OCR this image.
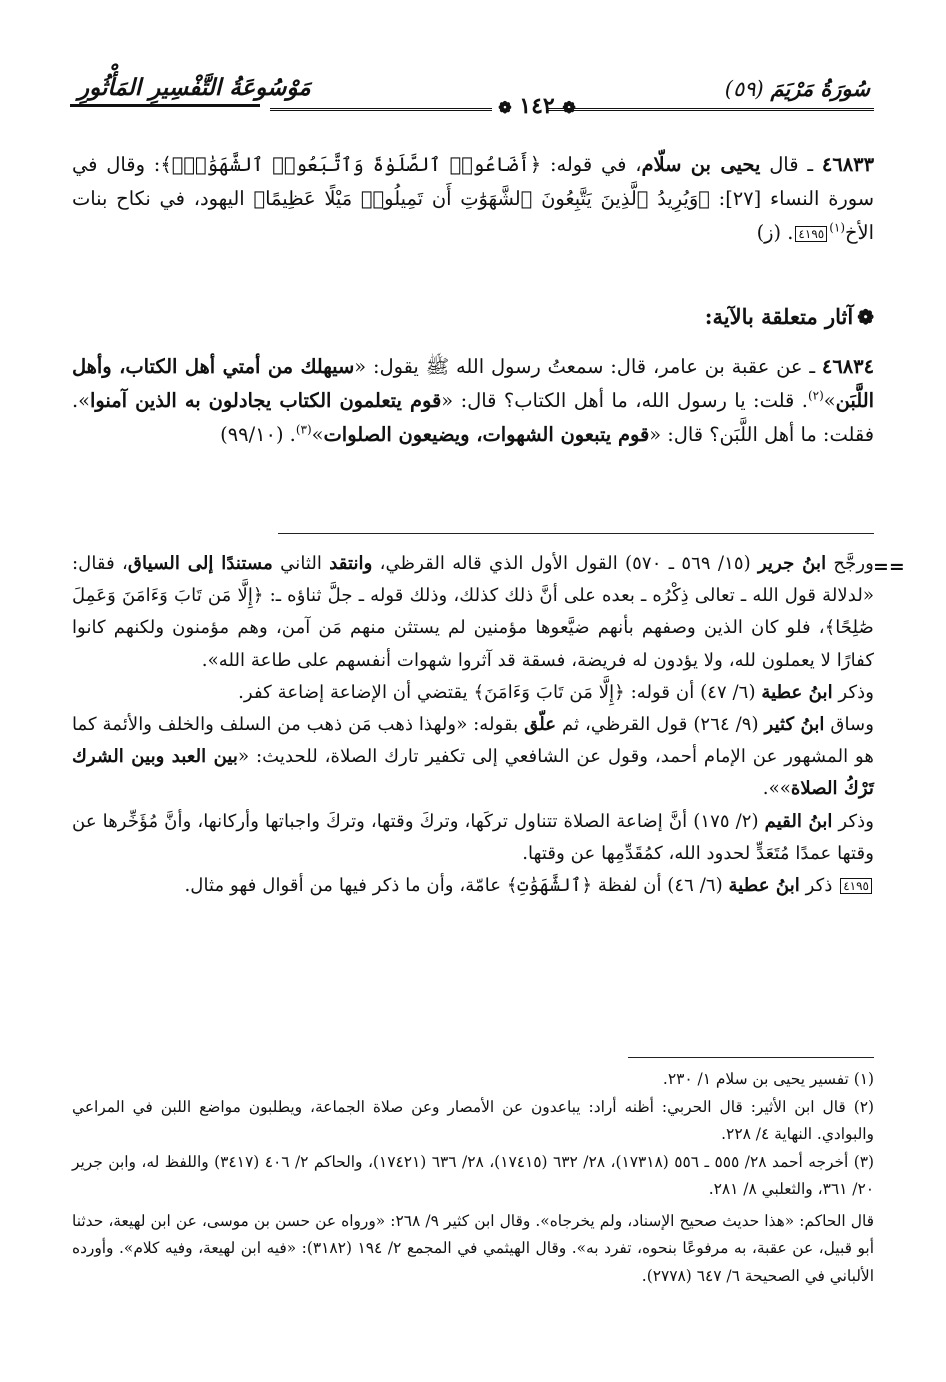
سُورَةُ مَرْيَمَ (٥٩)
❁ ١٤٢ ❁
مَوْسُوعَةُ التَّفْسِيرِ المَأْثُورِ
٤٦٨٣٣ ـ قال يحيى بن سلّام، في قوله: ﴿أَضَاعُوا۟ ٱلصَّلَوٰةَ وَٱتَّبَعُوا۟ ٱلشَّهَوَٰتِۖ﴾: وقال في سورة النساء [٢٧]: ﴿وَيُرِيدُ ٱلَّذِينَ يَتَّبِعُونَ ٱلشَّهَوَٰتِ أَن تَمِيلُوا۟ مَيْلًا عَظِيمًا﴾ اليهود، في نكاح بنات الأخ$^{(١)}$٤١٩٥. (ز)
❁آثار متعلقة بالآية:
٤٦٨٣٤ ـ عن عقبة بن عامر، قال: سمعتُ رسول الله ﷺ يقول: «سيهلك من أمتي أهل الكتاب، وأهل اللَّبَن»$^{(٢)}$. قلت: يا رسول الله، ما أهل الكتاب؟ قال: «قوم يتعلمون الكتاب يجادلون به الذين آمنوا». فقلت: ما أهل اللَّبَن؟ قال: «قوم يتبعون الشهوات، ويضيعون الصلوات»$^{(٣)}$. (٩٩/١٠)
==
ورجَّح ابنُ جرير (١٥/ ٥٦٩ ـ ٥٧٠) القول الأول الذي قاله القرظي، وانتقد الثاني مستندًا إلى السياق، فقال: «لدلالة قول الله ـ تعالى ذِكْرُه ـ بعده على أنَّ ذلك كذلك، وذلك قوله ـ جلَّ ثناؤه ـ: ﴿إِلَّا مَن تَابَ وَءَامَنَ وَعَمِلَ صَٰلِحًا﴾، فلو كان الذين وصفهم بأنهم ضيَّعوها مؤمنين لم يستثن منهم مَن آمن، وهم مؤمنون ولكنهم كانوا كفارًا لا يعملون لله، ولا يؤدون له فريضة، فسقة قد آثروا شهوات أنفسهم على طاعة الله».
وذكر ابنُ عطية (٦/ ٤٧) أن قوله: ﴿إِلَّا مَن تَابَ وَءَامَنَ﴾ يقتضي أن الإضاعة إضاعة كفر.
وساق ابنُ كثير (٩/ ٢٦٤) قول القرظي، ثم علّق بقوله: «ولهذا ذهب مَن ذهب من السلف والخلف والأئمة كما هو المشهور عن الإمام أحمد، وقول عن الشافعي إلى تكفير تارك الصلاة، للحديث: «بين العبد وبين الشرك تَرْكُ الصلاة»».
وذكر ابنُ القيم (٢/ ١٧٥) أنَّ إضاعة الصلاة تتناول تركَها، وتركَ وقتها، وتركَ واجباتها وأركانها، وأنَّ مُؤَخِّرها عن وقتها عمدًا مُتَعَدٍّ لحدود الله، كمُقَدِّمِها عن وقتها.
٤١٩٥ ذكر ابنُ عطية (٦/ ٤٦) أن لفظة ﴿ٱلشَّهَوَٰتِ﴾ عامّة، وأن ما ذكر فيها من أقوال فهو مثال.
(١) تفسير يحيى بن سلام ١/ ٢٣٠.
(٢) قال ابن الأثير: قال الحربي: أظنه أراد: يباعدون عن الأمصار وعن صلاة الجماعة، ويطلبون مواضع اللبن في المراعي والبوادي. النهاية ٤/ ٢٢٨.
(٣) أخرجه أحمد ٢٨/ ٥٥٥ ـ ٥٥٦ (١٧٣١٨)، ٢٨/ ٦٣٢ (١٧٤١٥)، ٢٨/ ٦٣٦ (١٧٤٢١)، والحاكم ٢/ ٤٠٦ (٣٤١٧) واللفظ له، وابن جرير ٢٠/ ٣٦١، والثعلبي ٨/ ٢٨١.
قال الحاكم: «هذا حديث صحيح الإسناد، ولم يخرجاه». وقال ابن كثير ٩/ ٢٦٨: «ورواه عن حسن بن موسى، عن ابن لهيعة، حدثنا أبو قبيل، عن عقبة، به مرفوعًا بنحوه، تفرد به». وقال الهيثمي في المجمع ٢/ ١٩٤ (٣١٨٢): «فيه ابن لهيعة، وفيه كلام». وأورده الألباني في الصحيحة ٦/ ٦٤٧ (٢٧٧٨).
